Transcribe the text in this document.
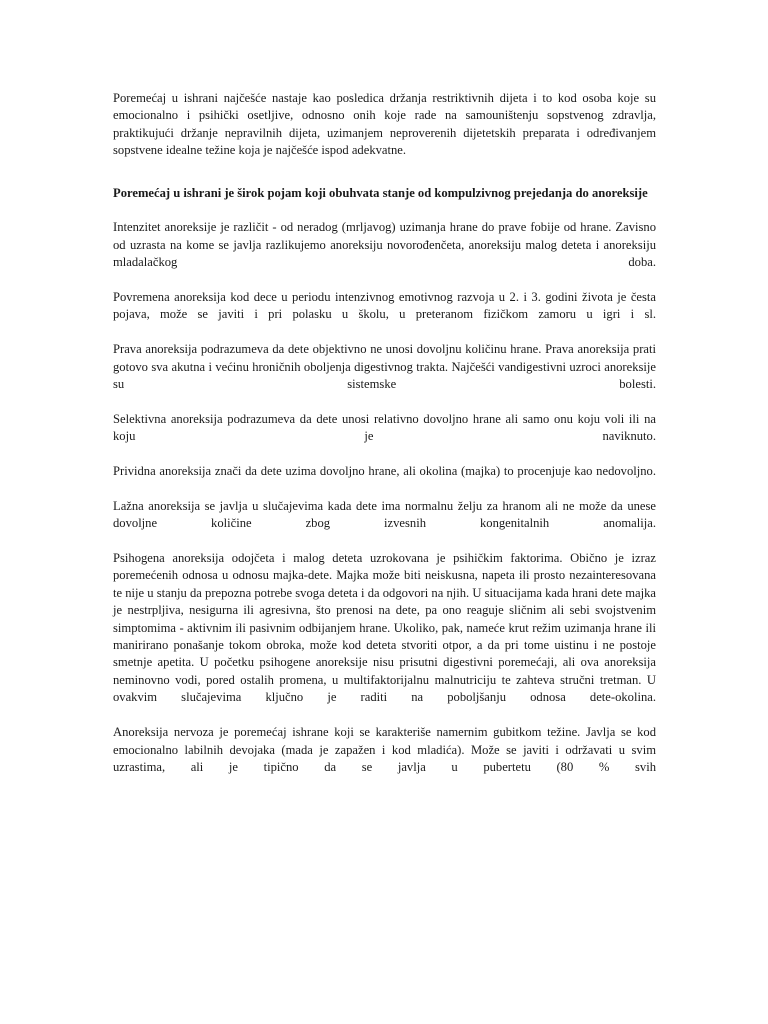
Poremećaj u ishrani najčešće nastaje kao posledica držanja restriktivnih dijeta i to kod osoba koje su emocionalno i psihički osetljive, odnosno onih koje rade na samouništenju sopstvenog zdravlja, praktikujući držanje nepravilnih dijeta, uzimanjem neproverenih dijetetskih preparata i određivanjem sopstvene idealne težine koja je najčešće ispod adekvatne.

Poremećaj u ishrani je širok pojam koji obuhvata stanje od kompulzivnog prejedanja do anoreksije

Intenzitet anoreksije je različit - od neradog (mrljavog) uzimanja hrane do prave fobije od hrane. Zavisno od uzrasta na kome se javlja razlikujemo anoreksiju novorođenčeta, anoreksiju malog deteta i anoreksiju mladalačkog doba.

Povremena anoreksija kod dece u periodu intenzivnog emotivnog razvoja u 2. i 3. godini života je česta pojava, može se javiti i pri polasku u školu, u preteranom fizičkom zamoru u igri i sl.

Prava anoreksija podrazumeva da dete objektivno ne unosi dovoljnu količinu hrane. Prava anoreksija prati gotovo sva akutna i većinu hroničnih oboljenja digestivnog trakta. Najčešći vandigestivni uzroci anoreksije su sistemske bolesti.

Selektivna anoreksija podrazumeva da dete unosi relativno dovoljno hrane ali samo onu koju voli ili na koju je naviknuto.

Prividna anoreksija znači da dete uzima dovoljno hrane, ali okolina (majka) to procenjuje kao nedovoljno.

Lažna anoreksija se javlja u slučajevima kada dete ima normalnu želju za hranom ali ne može da unese dovoljne količine zbog izvesnih kongenitalnih anomalija.

Psihogena anoreksija odojčeta i malog deteta uzrokovana je psihičkim faktorima. Obično je izraz poremećenih odnosa u odnosu majka-dete. Majka može biti neiskusna, napeta ili prosto nezainteresovana te nije u stanju da prepozna potrebe svoga deteta i da odgovori na njih. U situacijama kada hrani dete majka je nestrpljiva, nesigurna ili agresivna, što prenosi na dete, pa ono reaguje sličnim ali sebi svojstvenim simptomima - aktivnim ili pasivnim odbijanjem hrane. Ukoliko, pak, nameće krut režim uzimanja hrane ili manirirano ponašanje tokom obroka, može kod deteta stvoriti otpor, a da pri tome uistinu i ne postoje smetnje apetita. U početku psihogene anoreksije nisu prisutni digestivni poremećaji, ali ova anoreksija neminovno vodi, pored ostalih promena, u multifaktorijalnu malnutriciju te zahteva stručni tretman. U ovakvim slučajevima ključno je raditi na poboljšanju odnosa dete-okolina.

Anoreksija nervoza je poremećaj ishrane koji se karakteriše namernim gubitkom težine. Javlja se kod emocionalno labilnih devojaka (mada je zapažen i kod mladića). Može se javiti i održavati u svim uzrastima, ali je tipično da se javlja u pubertetu (80 % svih
